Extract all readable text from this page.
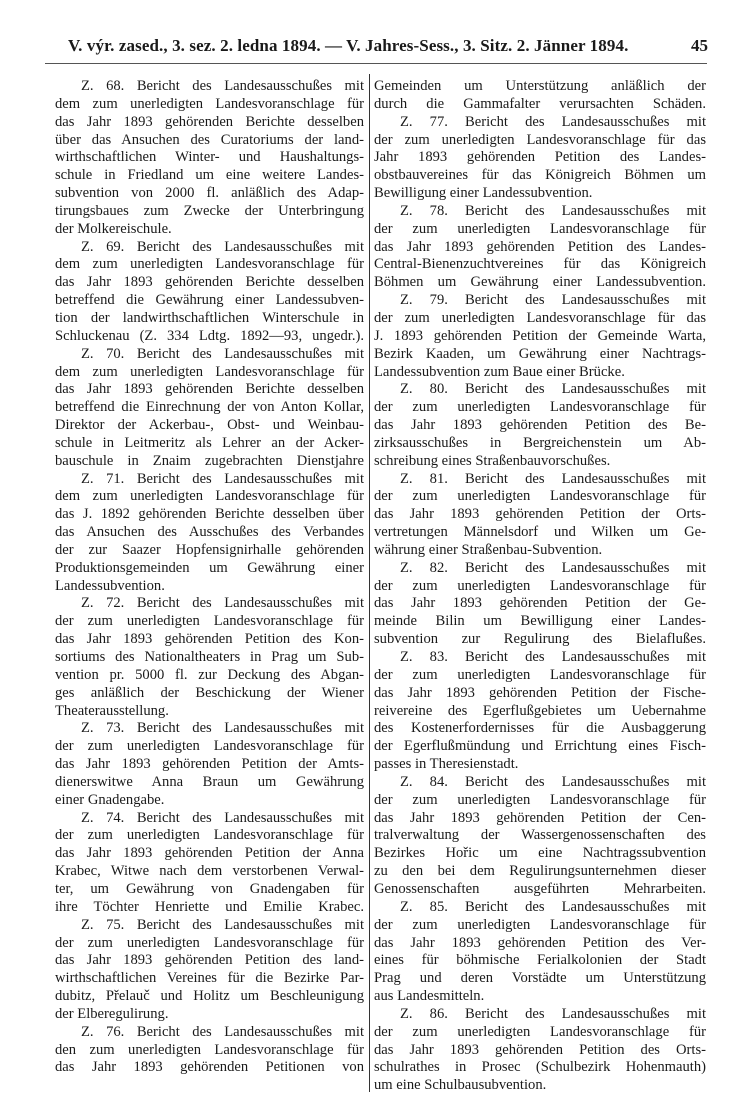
V. výr. zased., 3. sez. 2. ledna 1894. — V. Jahres-Sess., 3. Sitz. 2. Jänner 1894.	45
Z. 68. Bericht des Landesausschußes mit
dem zum unerledigten Landesvoranschlage für
das Jahr 1893 gehörenden Berichte desselben
über das Ansuchen des Curatoriums der land-
wirthschaftlichen Winter- und Haushaltungs-
schule in Friedland um eine weitere Landes-
subvention von 2000 fl. anläßlich des Adap-
tirungsbaues zum Zwecke der Unterbringung
der Molkereischule.
Z. 69. Bericht des Landesausschußes mit
dem zum unerledigten Landesvoranschlage für
das Jahr 1893 gehörenden Berichte desselben
betreffend die Gewährung einer Landessubven-
tion der landwirthschaftlichen Winterschule in
Schluckenau (Z. 334 Ldtg. 1892—93, ungedr.).
Z. 70. Bericht des Landesausschußes mit
dem zum unerledigten Landesvoranschlage für
das Jahr 1893 gehörenden Berichte desselben
betreffend die Einrechnung der von Anton Kollar,
Direktor der Ackerbau-, Obst- und Weinbau-
schule in Leitmeritz als Lehrer an der Acker-
bauschule in Znaim zugebrachten Dienstjahre
Z. 71. Bericht des Landesausschußes mit
dem zum unerledigten Landesvoranschlage für
das J. 1892 gehörenden Berichte desselben über
das Ansuchen des Ausschußes des Verbandes
der zur Saazer Hopfensignirhalle gehörenden
Produktionsgemeinden um Gewährung einer
Landessubvention.
Z. 72. Bericht des Landesausschußes mit
der zum unerledigten Landesvoranschlage für
das Jahr 1893 gehörenden Petition des Kon-
sortiums des Nationaltheaters in Prag um Sub-
vention pr. 5000 fl. zur Deckung des Abgan-
ges anläßlich der Beschickung der Wiener
Theaterausstellung.
Z. 73. Bericht des Landesausschußes mit
der zum unerledigten Landesvoranschlage für
das Jahr 1893 gehörenden Petition der Amts-
dienerswitwe Anna Braun um Gewährung
einer Gnadengabe.
Z. 74. Bericht des Landesausschußes mit
der zum unerledigten Landesvoranschlage für
das Jahr 1893 gehörenden Petition der Anna
Krabec, Witwe nach dem verstorbenen Verwal-
ter, um Gewährung von Gnadengaben für
ihre Töchter Henriette und Emilie Krabec.
Z. 75. Bericht des Landesausschußes mit
der zum unerledigten Landesvoranschlage für
das Jahr 1893 gehörenden Petition des land-
wirthschaftlichen Vereines für die Bezirke Par-
dubitz, Přelauč und Holitz um Beschleunigung
der Elberegulirung.
Z. 76. Bericht des Landesausschußes mit
den zum unerledigten Landesvoranschlage für
das Jahr 1893 gehörenden Petitionen von
Gemeinden um Unterstützung anläßlich der
durch die Gammafalter verursachten Schäden.
Z. 77. Bericht des Landesausschußes mit
der zum unerledigten Landesvoranschlage für das
Jahr 1893 gehörenden Petition des Landes-
obstbauvereines für das Königreich Böhmen um
Bewilligung einer Landessubvention.
Z. 78. Bericht des Landesausschußes mit
der zum unerledigten Landesvoranschlage für
das Jahr 1893 gehörenden Petition des Landes-
Central-Bienenzuchtvereines für das Königreich
Böhmen um Gewährung einer Landessubvention.
Z. 79. Bericht des Landesausschußes mit
der zum unerledigten Landesvoranschlage für das
J. 1893 gehörenden Petition der Gemeinde Warta,
Bezirk Kaaden, um Gewährung einer Nachtrags-
Landessubvention zum Baue einer Brücke.
Z. 80. Bericht des Landesausschußes mit
der zum unerledigten Landesvoranschlage für
das Jahr 1893 gehörenden Petition des Be-
zirksausschußes in Bergreichenstein um Ab-
schreibung eines Straßenbauvorschußes.
Z. 81. Bericht des Landesausschußes mit
der zum unerledigten Landesvoranschlage für
das Jahr 1893 gehörenden Petition der Orts-
vertretungen Männelsdorf und Wilken um Ge-
währung einer Straßenbau-Subvention.
Z. 82. Bericht des Landesausschußes mit
der zum unerledigten Landesvoranschlage für
das Jahr 1893 gehörenden Petition der Ge-
meinde Bilin um Bewilligung einer Landes-
subvention zur Regulirung des Bielaflußes.
Z. 83. Bericht des Landesausschußes mit
der zum unerledigten Landesvoranschlage für
das Jahr 1893 gehörenden Petition der Fische-
reivereine des Egerflußgebietes um Uebernahme
des Kostenerfordernisses für die Ausbaggerung
der Egerflußmündung und Errichtung eines Fisch-
passes in Theresienstadt.
Z. 84. Bericht des Landesausschußes mit
der zum unerledigten Landesvoranschlage für
das Jahr 1893 gehörenden Petition der Cen-
tralverwaltung der Wassergenossenschaften des
Bezirkes Hořic um eine Nachtragssubvention
zu den bei dem Regulirungsunternehmen dieser
Genossenschaften ausgeführten Mehrarbeiten.
Z. 85. Bericht des Landesausschußes mit
der zum unerledigten Landesvoranschlage für
das Jahr 1893 gehörenden Petition des Ver-
eines für böhmische Ferialkolonien der Stadt
Prag und deren Vorstädte um Unterstützung
aus Landesmitteln.
Z. 86. Bericht des Landesausschußes mit
der zum unerledigten Landesvoranschlage für
das Jahr 1893 gehörenden Petition des Orts-
schulrathes in Prosec (Schulbezirk Hohenmauth)
um eine Schulbausubvention.
